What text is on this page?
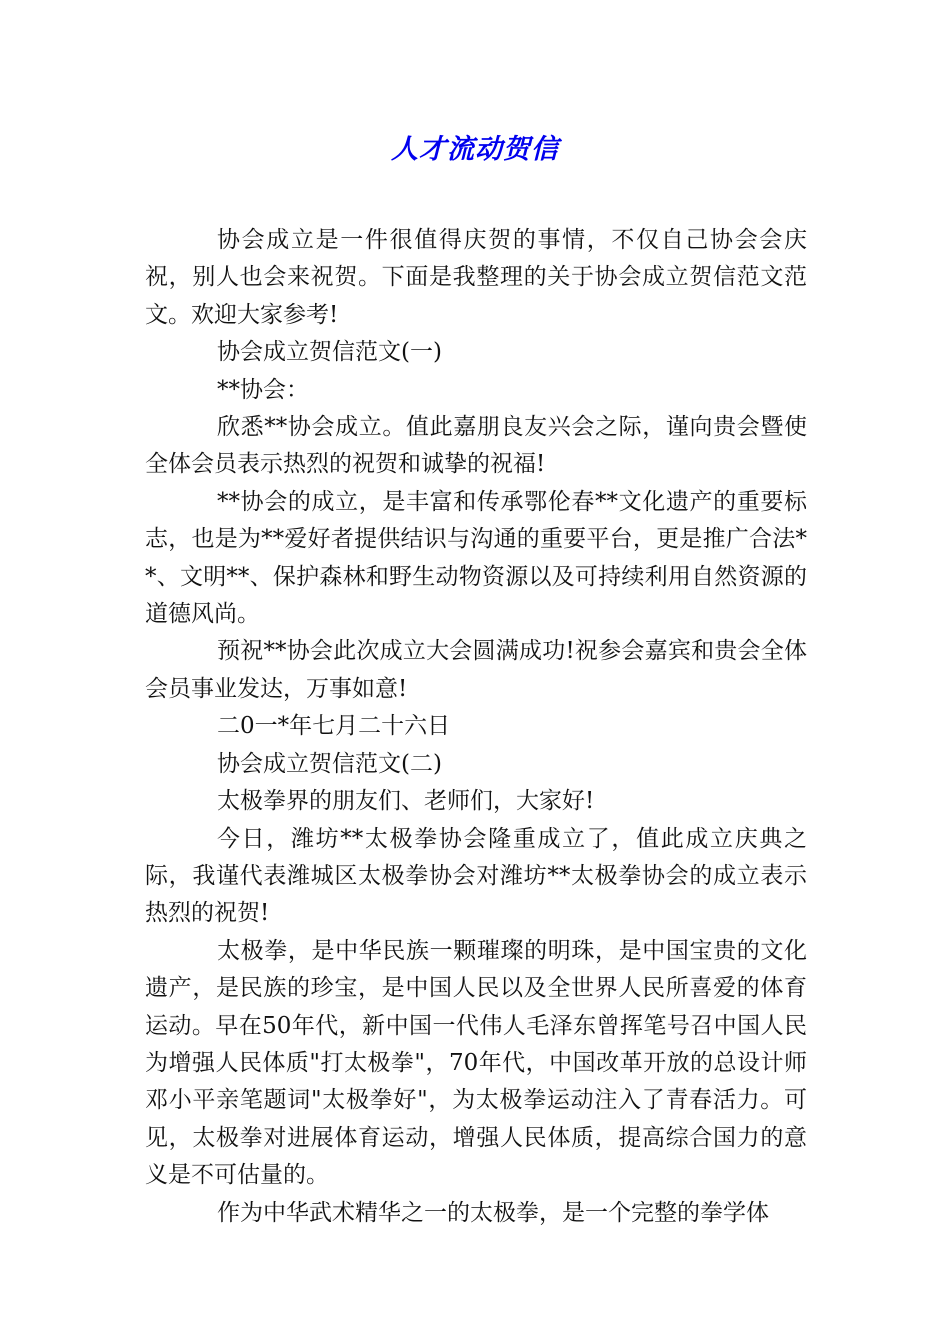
人才流动贺信

协会成立是一件很值得庆贺的事情，不仅自己协会会庆祝，别人也会来祝贺。下面是我整理的关于协会成立贺信范文范文。欢迎大家参考!

协会成立贺信范文(一)

**协会：

欣悉**协会成立。值此嘉朋良友兴会之际，谨向贵会暨使全体会员表示热烈的祝贺和诚挚的祝福!

**协会的成立，是丰富和传承鄂伦春**文化遗产的重要标志，也是为**爱好者提供结识与沟通的重要平台，更是推广合法**、文明**、保护森林和野生动物资源以及可持续利用自然资源的道德风尚。

预祝**协会此次成立大会圆满成功!祝参会嘉宾和贵会全体会员事业发达，万事如意!

二0一*年七月二十六日

协会成立贺信范文(二)

太极拳界的朋友们、老师们，大家好!

今日，潍坊**太极拳协会隆重成立了，值此成立庆典之际，我谨代表潍城区太极拳协会对潍坊**太极拳协会的成立表示热烈的祝贺!

太极拳，是中华民族一颗璀璨的明珠，是中国宝贵的文化遗产，是民族的珍宝，是中国人民以及全世界人民所喜爱的体育运动。早在50年代，新中国一代伟人毛泽东曾挥笔号召中国人民为增强人民体质"打太极拳"，70年代，中国改革开放的总设计师邓小平亲笔题词"太极拳好"，为太极拳运动注入了青春活力。可见，太极拳对进展体育运动，增强人民体质，提高综合国力的意义是不可估量的。

作为中华武术精华之一的太极拳，是一个完整的拳学体
